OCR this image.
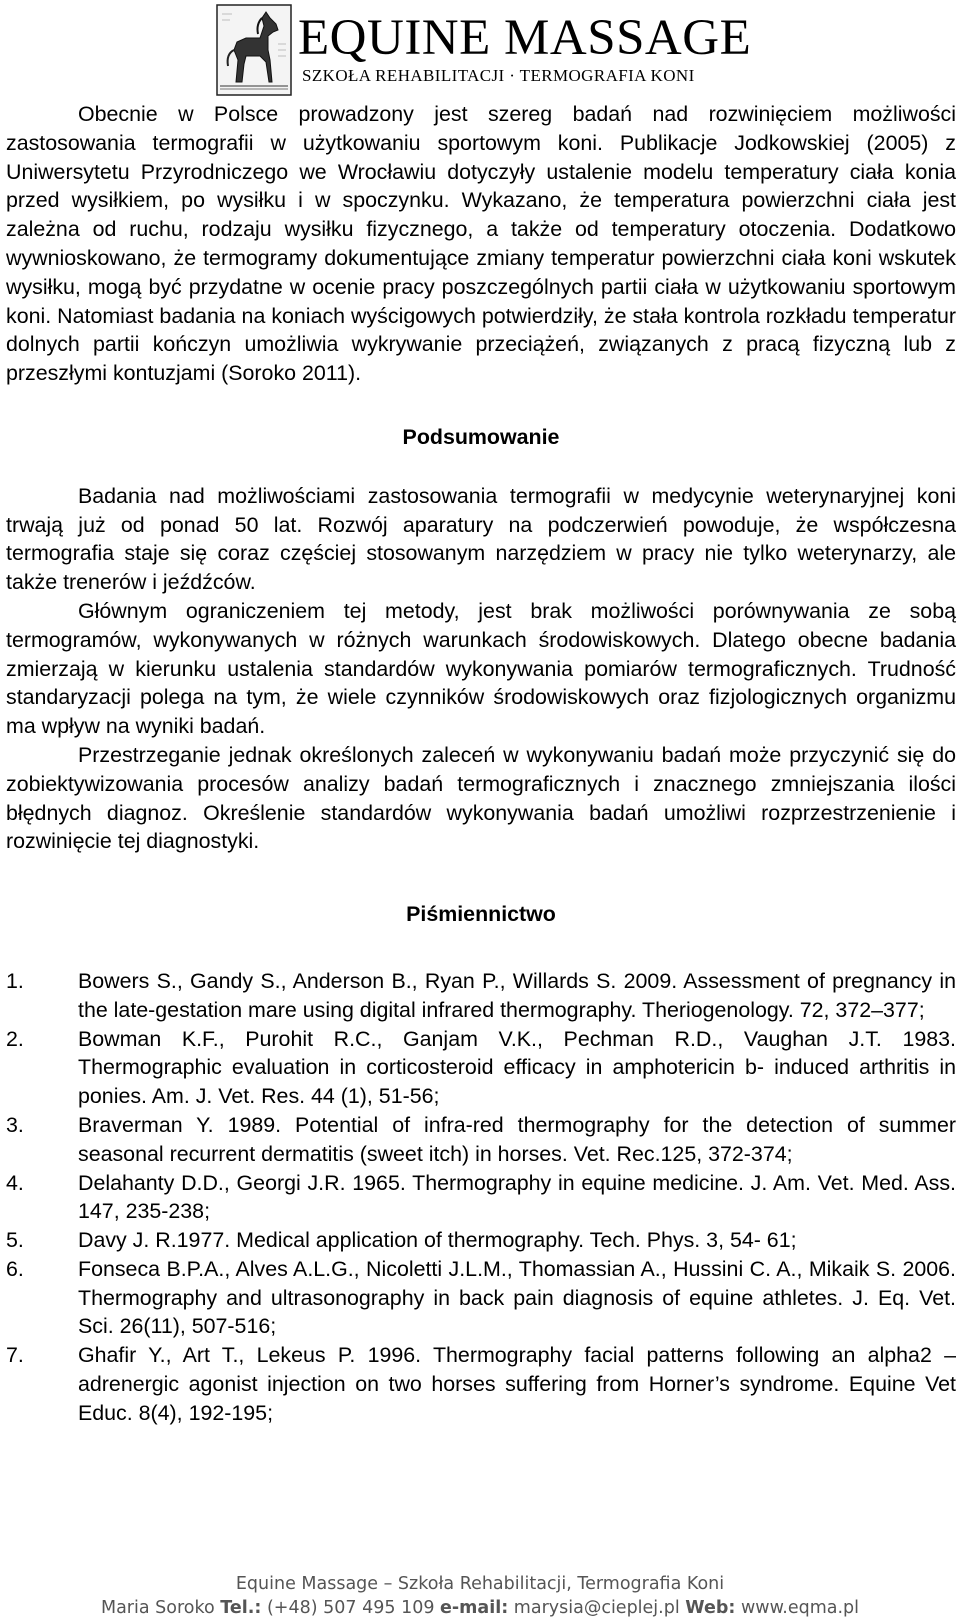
EQUINE MASSAGE
SZKOŁA REHABILITACJI · TERMOGRAFIA KONI

Obecnie w Polsce prowadzony jest szereg badań nad rozwinięciem możliwości zastosowania termografii w użytkowaniu sportowym koni. Publikacje Jodkowskiej (2005) z Uniwersytetu Przyrodniczego we Wrocławiu dotyczyły ustalenie modelu temperatury ciała konia przed wysiłkiem, po wysiłku i w spoczynku. Wykazano, że temperatura powierzchni ciała jest zależna od ruchu, rodzaju wysiłku fizycznego, a także od temperatury otoczenia. Dodatkowo wywnioskowano, że termogramy dokumentujące zmiany temperatur powierzchni ciała koni wskutek wysiłku, mogą być przydatne w ocenie pracy poszczególnych partii ciała w użytkowaniu sportowym koni. Natomiast badania na koniach wyścigowych potwierdziły, że stała kontrola rozkładu temperatur dolnych partii kończyn umożliwia wykrywanie przeciążeń, związanych z pracą fizyczną lub z przeszłymi kontuzjami (Soroko 2011).

Podsumowanie

Badania nad możliwościami zastosowania termografii w medycynie weterynaryjnej koni trwają już od ponad 50 lat. Rozwój aparatury na podczerwień powoduje, że współczesna termografia staje się coraz częściej stosowanym narzędziem w pracy nie tylko weterynarzy, ale także trenerów i jeźdźców.

Głównym ograniczeniem tej metody, jest brak możliwości porównywania ze sobą termogramów, wykonywanych w różnych warunkach środowiskowych. Dlatego obecne badania zmierzają w kierunku ustalenia standardów wykonywania pomiarów termograficznych. Trudność standaryzacji polega na tym, że wiele czynników środowiskowych oraz fizjologicznych organizmu ma wpływ na wyniki badań.

Przestrzeganie jednak określonych zaleceń w wykonywaniu badań może przyczynić się do zobiektywizowania procesów analizy badań termograficznych i znacznego zmniejszania ilości błędnych diagnoz. Określenie standardów wykonywania badań umożliwi rozprzestrzenienie i rozwinięcie tej diagnostyki.

Piśmiennictwo

1.	Bowers S., Gandy S., Anderson B., Ryan P., Willards S. 2009. Assessment of pregnancy in the late-gestation mare using digital infrared thermography. Theriogenology. 72, 372–377;
2.	Bowman K.F., Purohit R.C., Ganjam V.K., Pechman R.D., Vaughan J.T. 1983. Thermographic evaluation in corticosteroid efficacy in amphotericin b- induced arthritis in ponies. Am. J. Vet. Res. 44 (1), 51-56;
3.	Braverman Y. 1989. Potential of infra-red thermography for the detection of summer seasonal recurrent dermatitis (sweet itch) in horses. Vet. Rec.125, 372-374;
4.	Delahanty D.D., Georgi J.R. 1965. Thermography in equine medicine. J. Am. Vet. Med. Ass. 147, 235-238;
5.	Davy J. R.1977. Medical application of thermography. Tech. Phys. 3, 54- 61;
6.	Fonseca B.P.A., Alves A.L.G., Nicoletti J.L.M., Thomassian A., Hussini C. A., Mikaik S. 2006. Thermography and ultrasonography in back pain diagnosis of equine athletes. J. Eq. Vet. Sci. 26(11), 507-516;
7.	Ghafir Y., Art T., Lekeus P. 1996. Thermography facial patterns following an alpha2 – adrenergic agonist injection on two horses suffering from Horner’s syndrome. Equine Vet Educ. 8(4), 192-195;
Equine Massage – Szkoła Rehabilitacji, Termografia Koni
Maria Soroko Tel.: (+48) 507 495 109 e-mail: marysia@cieplej.pl Web: www.eqma.pl
